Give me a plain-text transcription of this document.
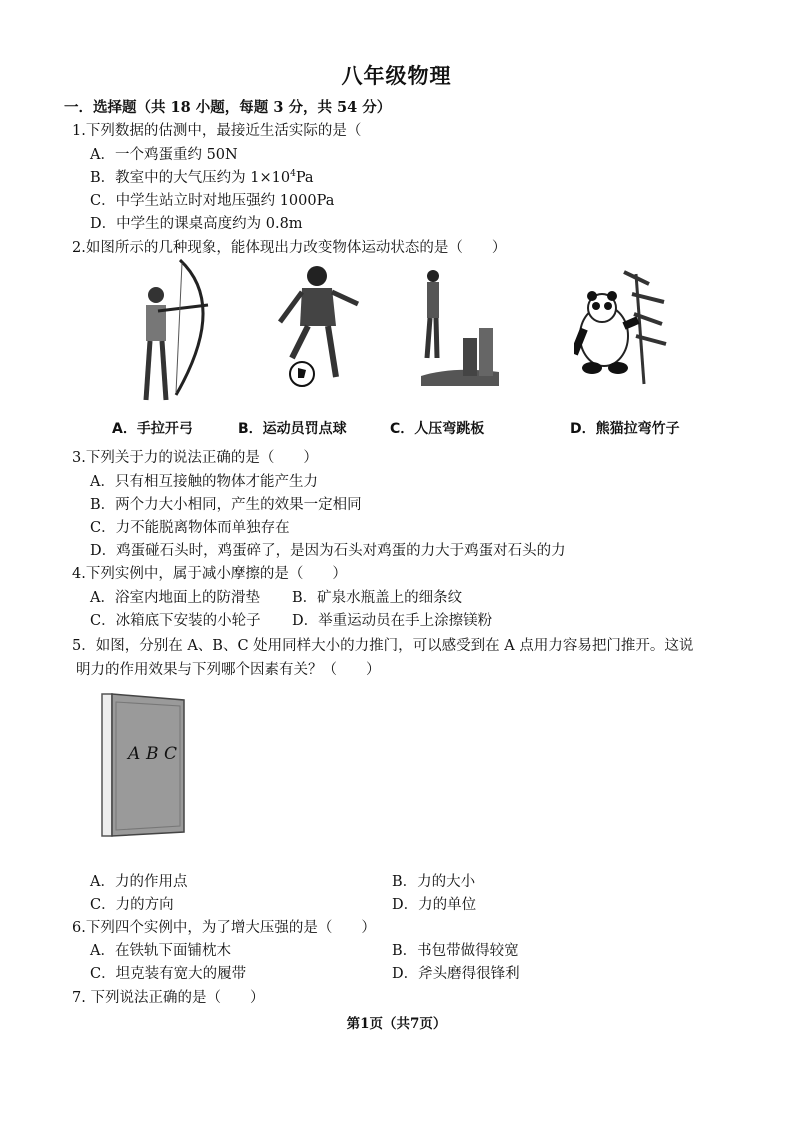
八年级物理
一．选择题（共 18 小题，每题 3 分，共 54 分）
1.下列数据的估测中，最接近生活实际的是（
A．一个鸡蛋重约 50N
B．教室中的大气压约为 $1\times 10^4Pa$
C．中学生站立时对地压强约 1000Pa
D．中学生的课桌高度约为 0.8m
2.如图所示的几种现象，能体现出力改变物体运动状态的是（　　）
A．手拉开弓	B．运动员罚点球	C．人压弯跳板	D．熊猫拉弯竹子
3.下列关于力的说法正确的是（　　）
A．只有相互接触的物体才能产生力
B．两个力大小相同，产生的效果一定相同
C．力不能脱离物体而单独存在
D．鸡蛋碰石头时，鸡蛋碎了，是因为石头对鸡蛋的力大于鸡蛋对石头的力
4.下列实例中，属于减小摩擦的是（　　）
A．浴室内地面上的防滑垫 B．矿泉水瓶盖上的细条纹
C．冰箱底下安装的小轮子 D．举重运动员在手上涂擦镁粉
5．如图，分别在 A、B、C 处用同样大小的力推门，可以感受到在 A 点用力容易把门推开。这说
明力的作用效果与下列哪个因素有关？（　　）
A B C
A．力的作用点	B．力的大小
C．力的方向	D．力的单位
6.下列四个实例中，为了增大压强的是（　　）
A．在铁轨下面铺枕木	B．书包带做得较宽
C．坦克装有宽大的履带	D．斧头磨得很锋利
7. 下列说法正确的是（　　）
第1页（共7页）
